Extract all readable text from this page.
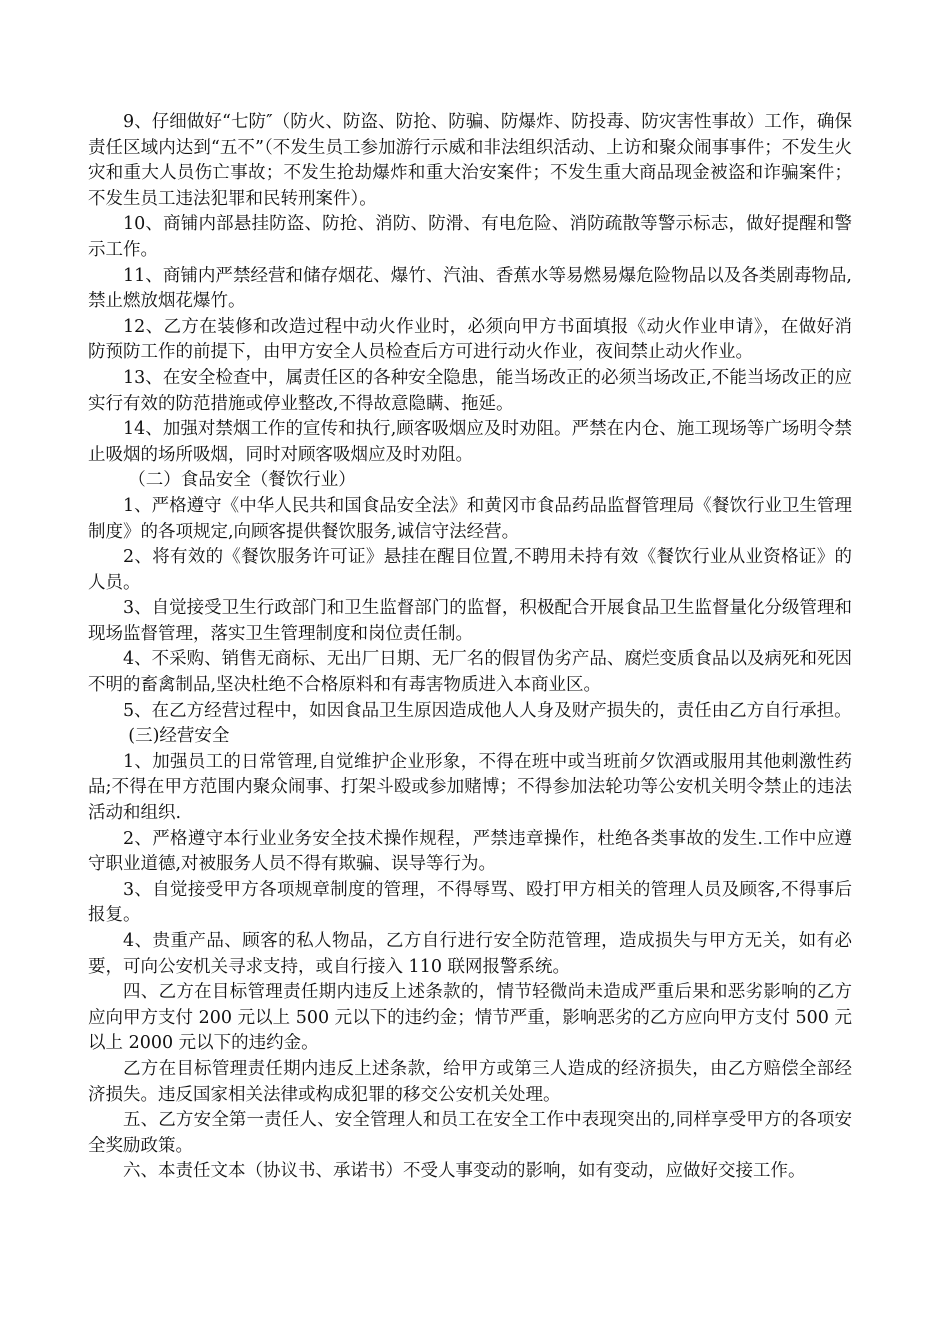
9、仔细做好“七防″（防火、防盗、防抢、防骗、防爆炸、防投毒、防灾害性事故）工作，确保责任区域内达到“五不”（不发生员工参加游行示威和非法组织活动、上访和聚众闹事事件；不发生火灾和重大人员伤亡事故；不发生抢劫爆炸和重大治安案件；不发生重大商品现金被盗和诈骗案件；不发生员工违法犯罪和民转刑案件）。

10、商铺内部悬挂防盗、防抢、消防、防滑、有电危险、消防疏散等警示标志，做好提醒和警示工作。

11、商铺内严禁经营和储存烟花、爆竹、汽油、香蕉水等易燃易爆危险物品以及各类剧毒物品,禁止燃放烟花爆竹。

12、乙方在装修和改造过程中动火作业时，必须向甲方书面填报《动火作业申请》，在做好消防预防工作的前提下，由甲方安全人员检查后方可进行动火作业，夜间禁止动火作业。

13、在安全检查中，属责任区的各种安全隐患，能当场改正的必须当场改正,不能当场改正的应实行有效的防范措施或停业整改,不得故意隐瞒、拖延。

14、加强对禁烟工作的宣传和执行,顾客吸烟应及时劝阻。严禁在内仓、施工现场等广场明令禁止吸烟的场所吸烟，同时对顾客吸烟应及时劝阻。

（二）食品安全（餐饮行业）

1、严格遵守《中华人民共和国食品安全法》和黄冈市食品药品监督管理局《餐饮行业卫生管理制度》的各项规定,向顾客提供餐饮服务,诚信守法经营。

2、将有效的《餐饮服务许可证》悬挂在醒目位置,不聘用未持有效《餐饮行业从业资格证》的人员。

3、自觉接受卫生行政部门和卫生监督部门的监督，积极配合开展食品卫生监督量化分级管理和现场监督管理，落实卫生管理制度和岗位责任制。

4、不采购、销售无商标、无出厂日期、无厂名的假冒伪劣产品、腐烂变质食品以及病死和死因不明的畜禽制品,坚决杜绝不合格原料和有毒害物质进入本商业区。

5、在乙方经营过程中，如因食品卫生原因造成他人人身及财产损失的，责任由乙方自行承担。

(三)经营安全

1、加强员工的日常管理,自觉维护企业形象，不得在班中或当班前夕饮酒或服用其他刺激性药品;不得在甲方范围内聚众闹事、打架斗殴或参加赌博；不得参加法轮功等公安机关明令禁止的违法活动和组织.

2、严格遵守本行业业务安全技术操作规程，严禁违章操作，杜绝各类事故的发生.工作中应遵守职业道德,对被服务人员不得有欺骗、误导等行为。

3、自觉接受甲方各项规章制度的管理，不得辱骂、殴打甲方相关的管理人员及顾客,不得事后报复。

4、贵重产品、顾客的私人物品，乙方自行进行安全防范管理，造成损失与甲方无关，如有必要，可向公安机关寻求支持，或自行接入 110 联网报警系统。

四、乙方在目标管理责任期内违反上述条款的，情节轻微尚未造成严重后果和恶劣影响的乙方应向甲方支付 200 元以上 500 元以下的违约金；情节严重，影响恶劣的乙方应向甲方支付 500 元以上 2000 元以下的违约金。

乙方在目标管理责任期内违反上述条款，给甲方或第三人造成的经济损失，由乙方赔偿全部经济损失。违反国家相关法律或构成犯罪的移交公安机关处理。

五、乙方安全第一责任人、安全管理人和员工在安全工作中表现突出的,同样享受甲方的各项安全奖励政策。

六、本责任文本（协议书、承诺书）不受人事变动的影响，如有变动，应做好交接工作。
